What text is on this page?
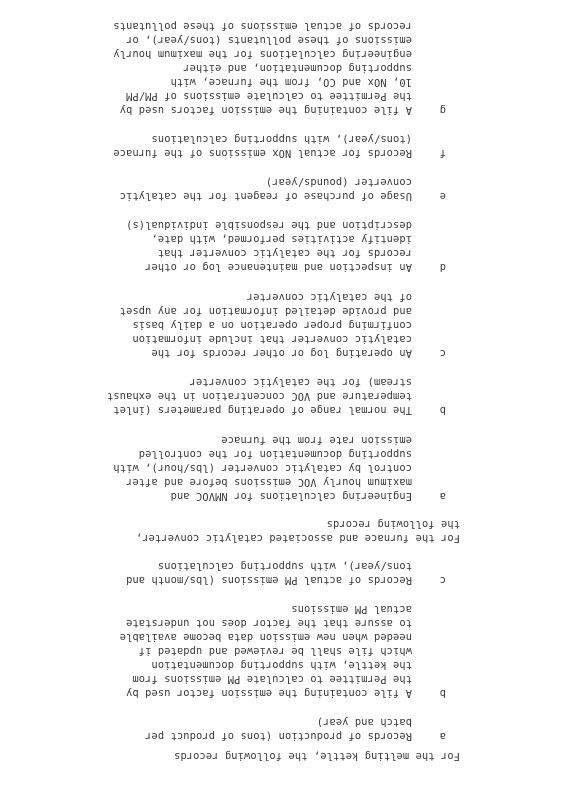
For the melting kettle, the following records
a
Records of production (tons of product per
batch and year)
b
A file containing the emission factor used by
the Permittee to calculate PM emissions from
the kettle, with supporting documentation
which file shall be reviewed and updated if
needed when new emission data become available
to assure that the factor does not understate
actual PM emissions
c
Records of actual PM emissions (lbs/month and
tons/year), with supporting calculations
For the furnace and associated catalytic converter,
the following records
a
Engineering calculations for NMVOC and
maximum hourly VOC emissions before and after
control by catalytic converter (lbs/hour), with
supporting documentation for the controlled
emission rate from the furnace
b
The normal range of operating parameters (inlet
temperature and VOC concentration in the exhaust
stream) for the catalytic converter
c
An operating log or other records for the
catalytic converter that include information
confirming proper operation on a daily basis
and provide detailed information for any upset
of the catalytic converter
d
An inspection and maintenance log or other
records for the catalytic converter that
identify activities performed, with date,
description and the responsible individual(s)
e
Usage of purchase of reagent for the catalytic
converter (pounds/year)
f
Records for actual NOx emissions of the furnace
(tons/year), with supporting calculations
g
A file containing the emission factors used by
the Permittee to calculate emissions of PM/PM
10, NOx and CO, from the furnace, with
supporting documentation, and either
engineering calculations for the maximum hourly
emissions of these pollutants (tons/year), or
records of actual emissions of these pollutants
